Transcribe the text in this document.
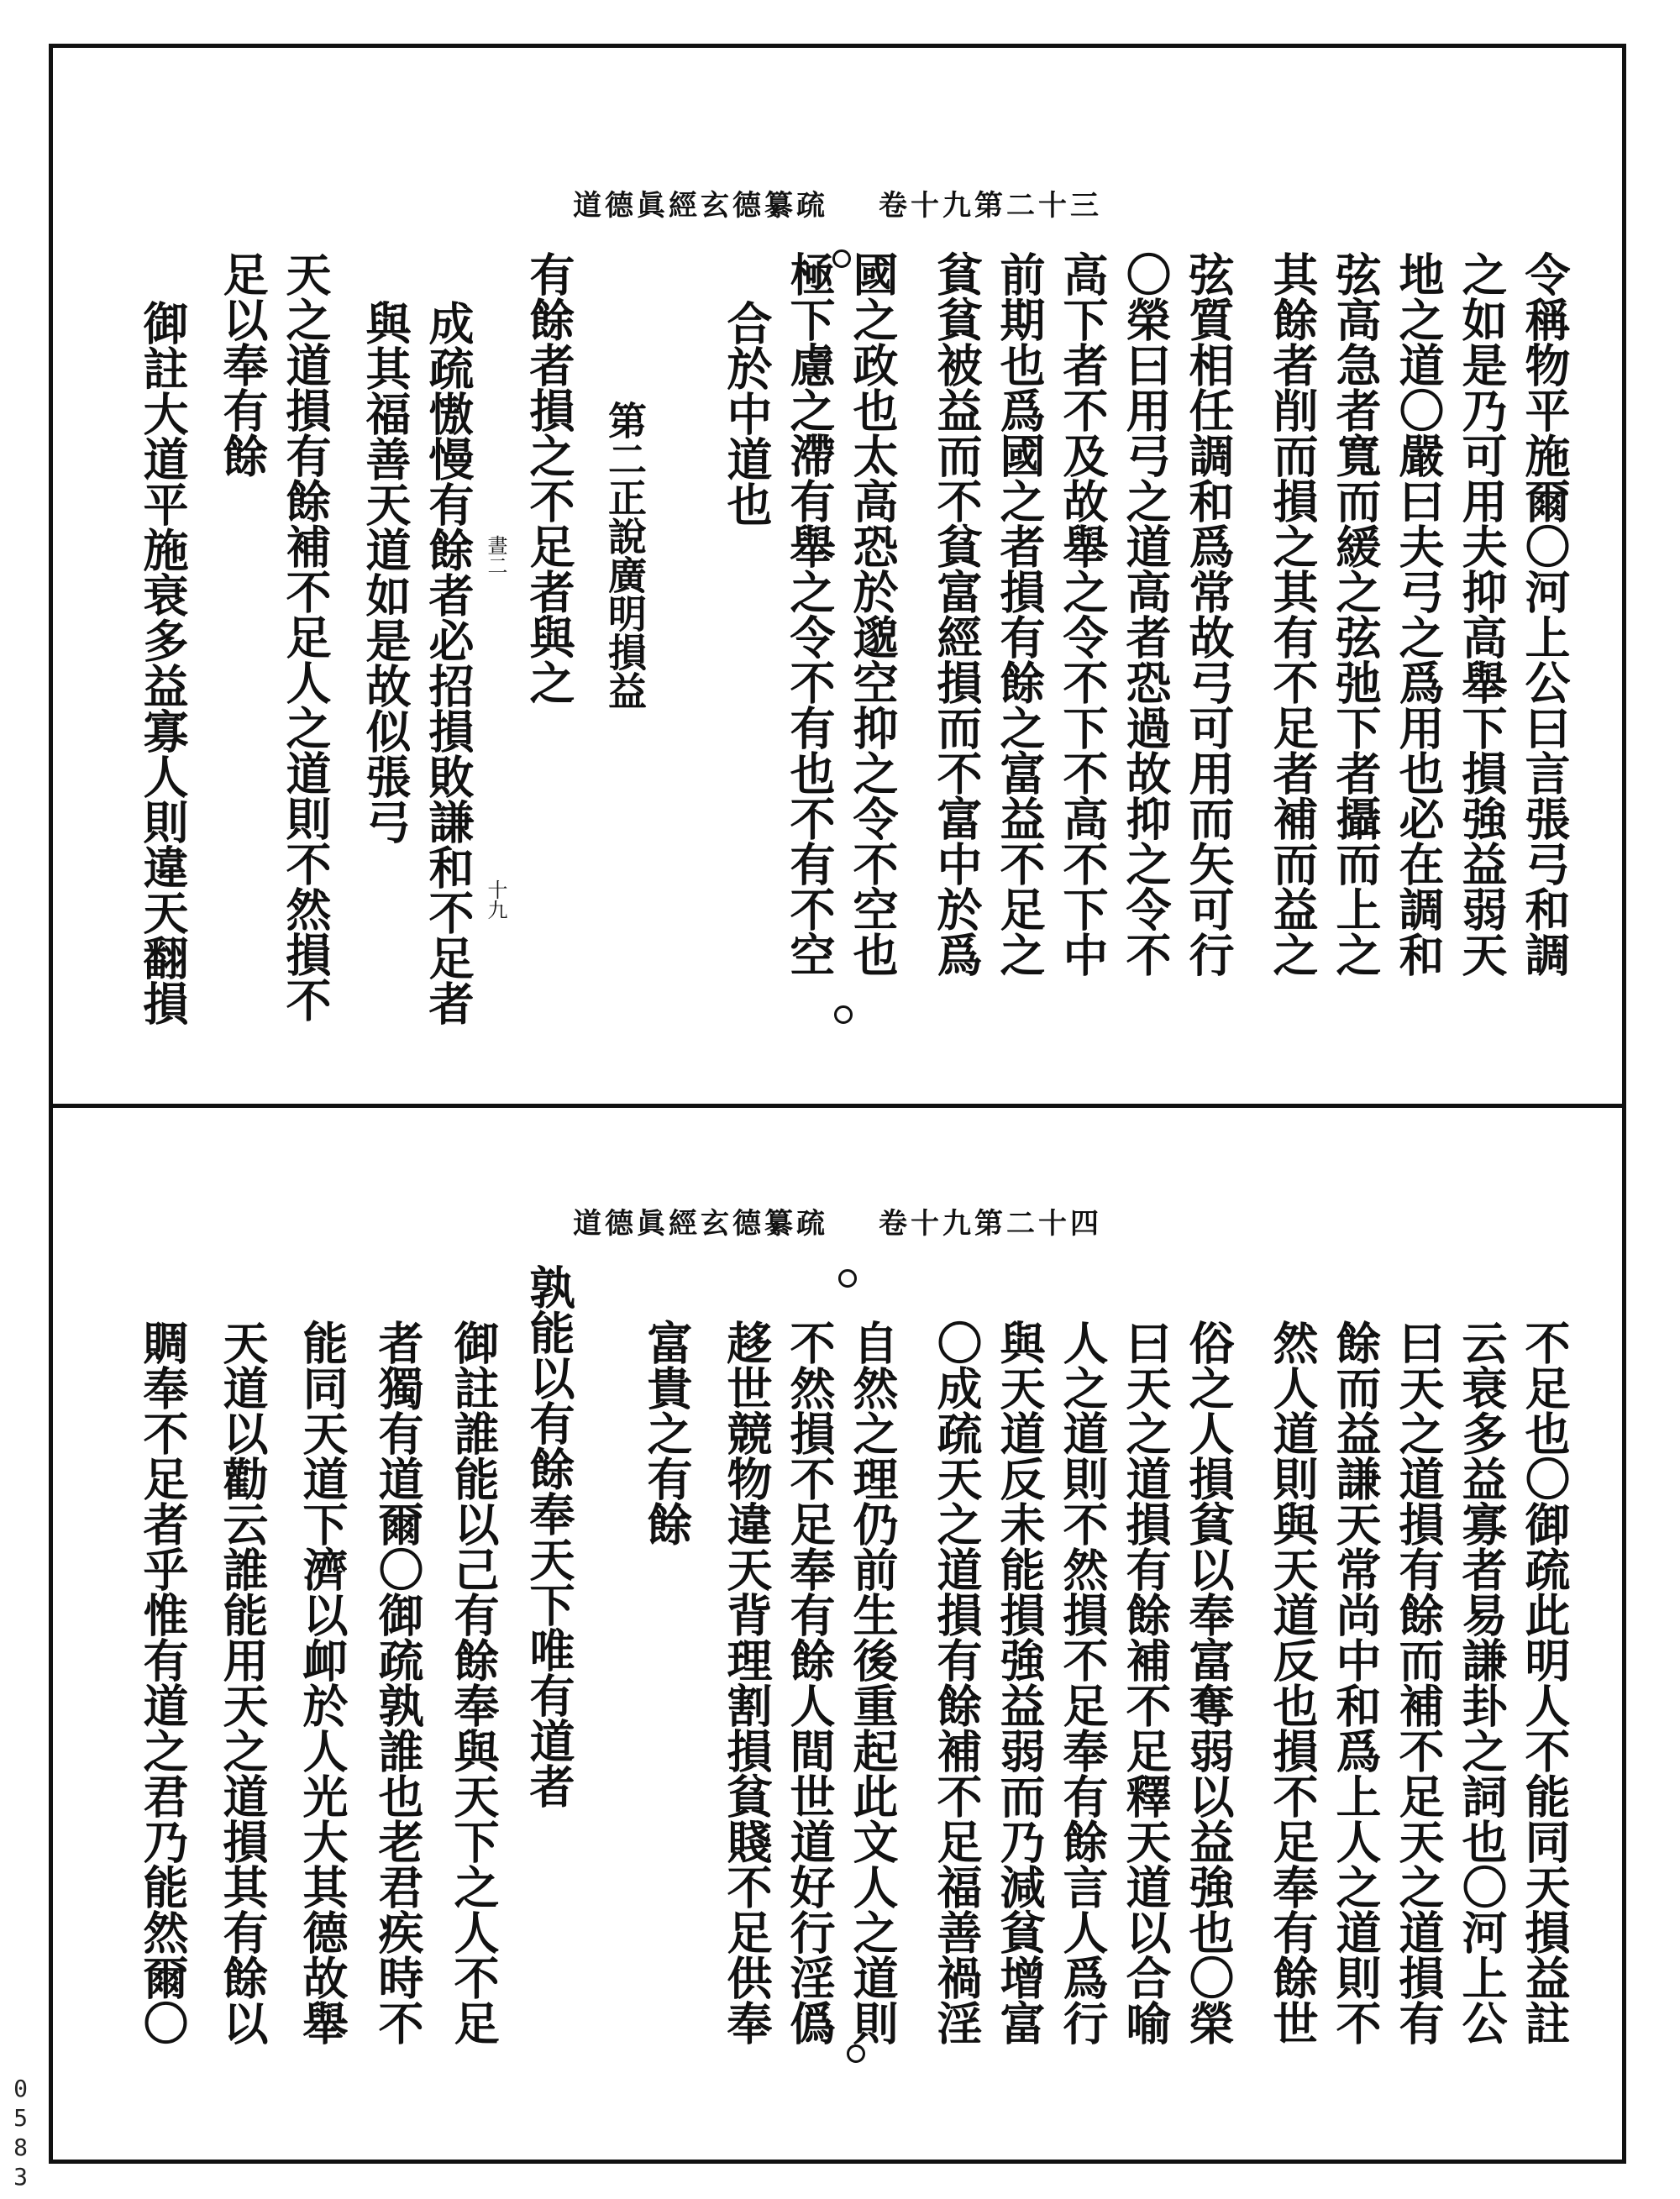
道德眞經玄德纂疏 卷十九第二十三
令稱物平施爾〇河上公曰言張弓和調
之如是乃可用夫抑高舉下損強益弱天
地之道〇嚴曰夫弓之爲用也必在調和
弦高急者寬而緩之弦弛下者攝而上之
其餘者削而損之其有不足者補而益之
弦質相任調和爲常故弓可用而矢可行
〇榮曰用弓之道高者恐過故抑之令不
高下者不及故舉之令不下不高不下中
前期也爲國之者損有餘之富益不足之
貧貧被益而不貧富經損而不富中於爲
國之政也太高恐於邈空抑之令不空也
極下慮之滯有舉之令不有也不有不空
合於中道也
第二正說廣明損益
有餘者損之不足者與之
晝二
十九
成疏慠慢有餘者必招損敗謙和不足者
與其福善天道如是故似張弓
天之道損有餘補不足人之道則不然損不
足以奉有餘
御註大道平施衰多益寡人則違天翻損
道德眞經玄德纂疏 卷十九第二十四
不足也〇御疏此明人不能同天損益註
云衰多益寡者易謙卦之詞也〇河上公
曰天之道損有餘而補不足天之道損有
餘而益謙天常尚中和爲上人之道則不
然人道則與天道反也損不足奉有餘世
俗之人損貧以奉富奪弱以益強也〇榮
曰天之道損有餘補不足釋天道以合喻
人之道則不然損不足奉有餘言人爲行
與天道反未能損強益弱而乃減貧增富
〇成疏天之道損有餘補不足福善禍淫
自然之理仍前生後重起此文人之道則
不然損不足奉有餘人間世道好行淫僞
趍世競物違天背理割損貧賤不足供奉
富貴之有餘
孰能以有餘奉天下唯有道者
御註誰能以己有餘奉與天下之人不足
者獨有道爾〇御疏孰誰也老君疾時不
能同天道下濟以卹於人光大其德故舉
天道以勸云誰能用天之道損其有餘以
賙奉不足者乎惟有道之君乃能然爾〇
0583
